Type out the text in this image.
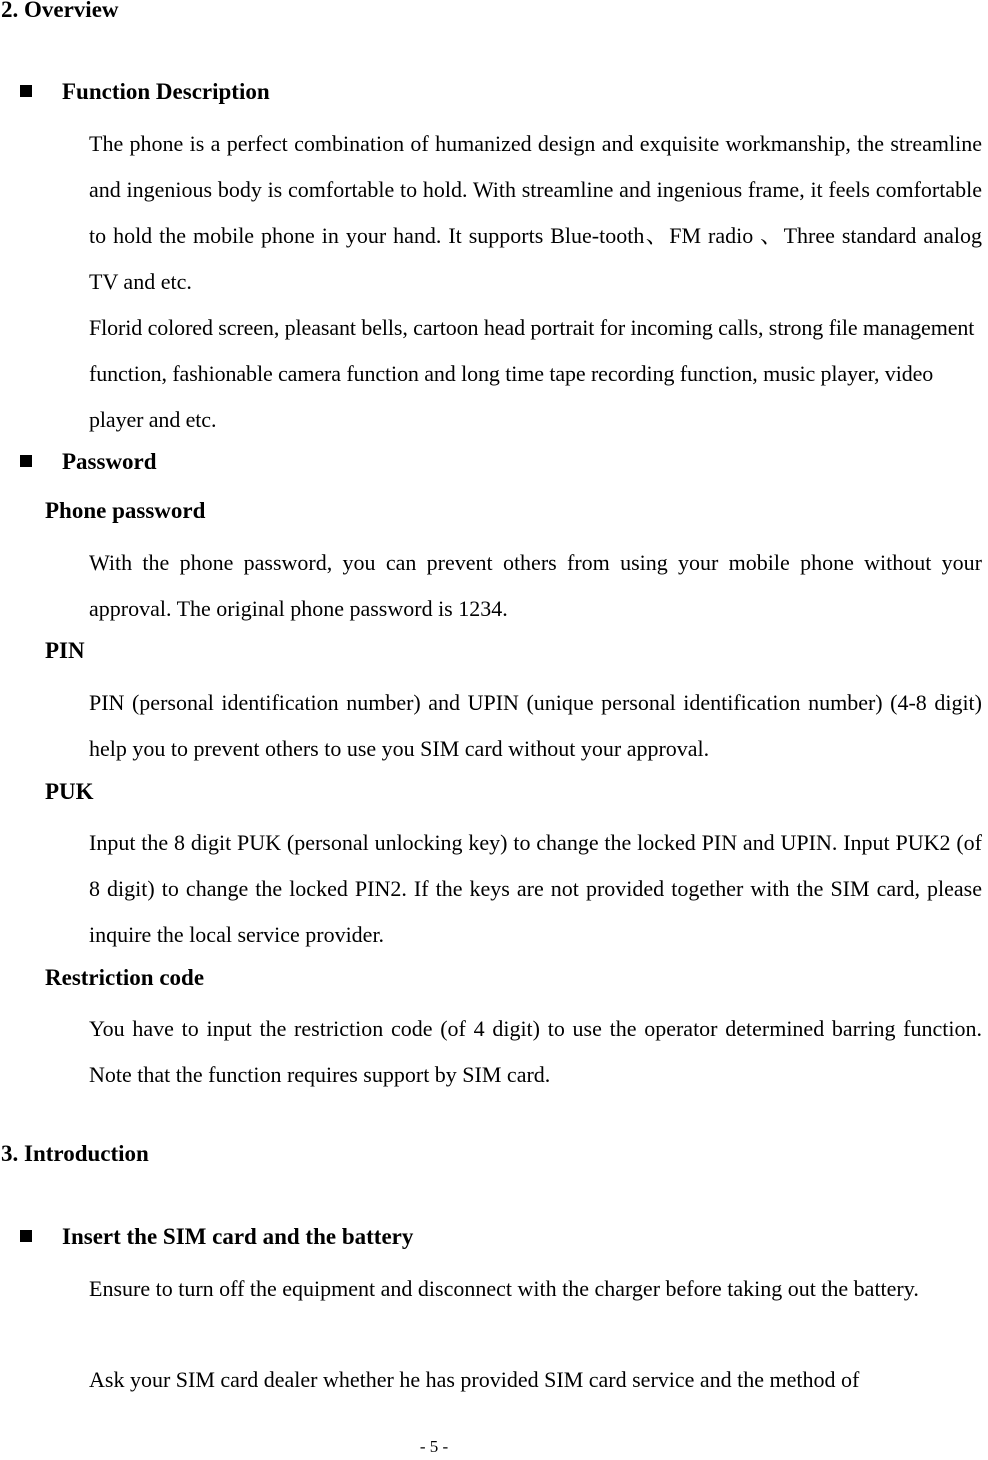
2. Overview
Function Description

The phone is a perfect combination of humanized design and exquisite workmanship, the streamline and ingenious body is comfortable to hold. With streamline and ingenious frame, it feels comfortable to hold the mobile phone in your hand. It supports Blue-tooth、FM radio 、Three standard analog TV and etc.

Florid colored screen, pleasant bells, cartoon head portrait for incoming calls, strong file management function, fashionable camera function and long time tape recording function, music player, video player and etc.

Password
Phone password

With the phone password, you can prevent others from using your mobile phone without your approval. The original phone password is 1234.

PIN

PIN (personal identification number) and UPIN (unique personal identification number) (4-8 digit) help you to prevent others to use you SIM card without your approval.

PUK

Input the 8 digit PUK (personal unlocking key) to change the locked PIN and UPIN. Input PUK2 (of 8 digit) to change the locked PIN2. If the keys are not provided together with the SIM card, please inquire the local service provider.

Restriction code

You have to input the restriction code (of 4 digit) to use the operator determined barring function. Note that the function requires support by SIM card.

3. Introduction
Insert the SIM card and the battery

Ensure to turn off the equipment and disconnect with the charger before taking out the battery.

Ask your SIM card dealer whether he has provided SIM card service and the method of

- 5 -
